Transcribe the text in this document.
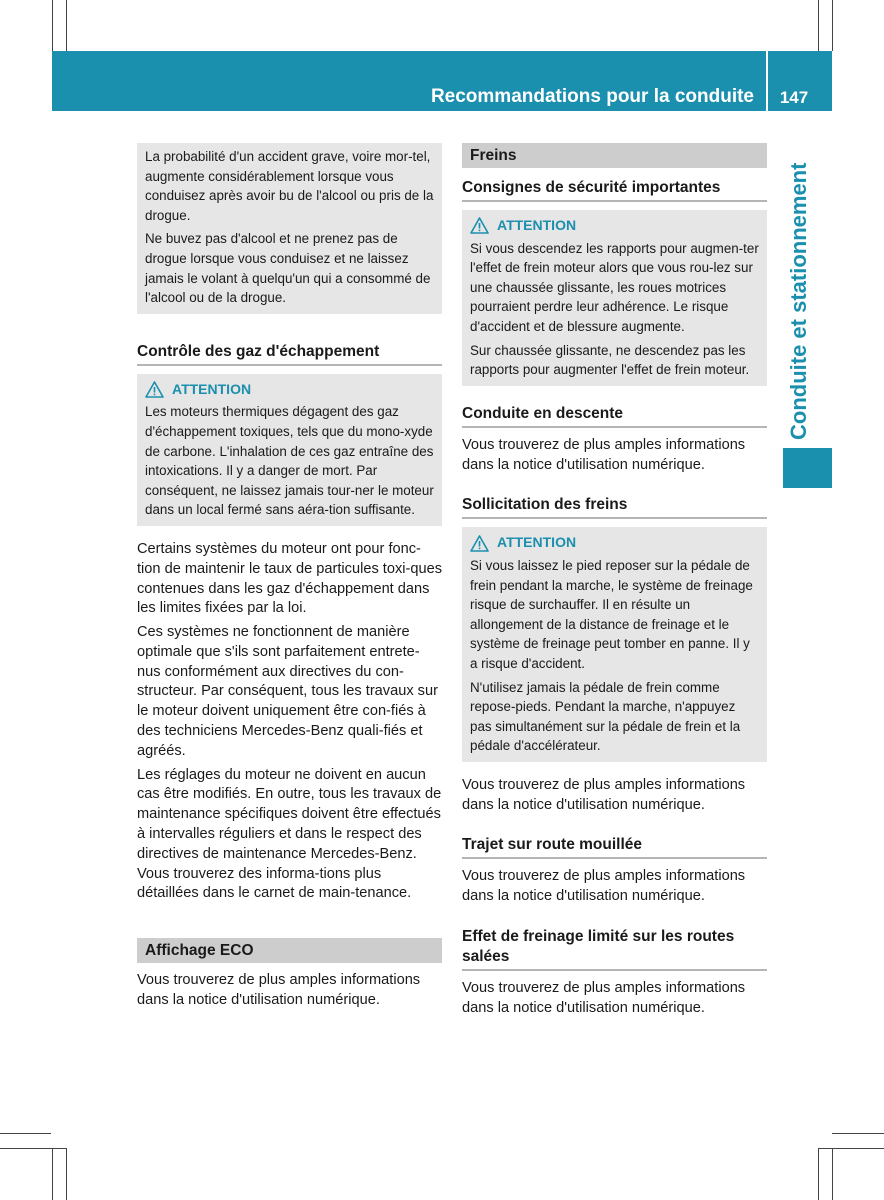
Recommandations pour la conduite	147
Conduite et stationnement

La probabilité d'un accident grave, voire mor-tel, augmente considérablement lorsque vous conduisez après avoir bu de l'alcool ou pris de la drogue.

Ne buvez pas d'alcool et ne prenez pas de drogue lorsque vous conduisez et ne laissez jamais le volant à quelqu'un qui a consommé de l'alcool ou de la drogue.

Contrôle des gaz d'échappement
ATTENTION

Les moteurs thermiques dégagent des gaz d'échappement toxiques, tels que du mono-xyde de carbone. L'inhalation de ces gaz entraîne des intoxications. Il y a danger de mort. Par conséquent, ne laissez jamais tour-ner le moteur dans un local fermé sans aéra-tion suffisante.

Certains systèmes du moteur ont pour fonc-tion de maintenir le taux de particules toxi-ques contenues dans les gaz d'échappement dans les limites fixées par la loi.

Ces systèmes ne fonctionnent de manière optimale que s'ils sont parfaitement entrete-nus conformément aux directives du con-structeur. Par conséquent, tous les travaux sur le moteur doivent uniquement être con-fiés à des techniciens Mercedes-Benz quali-fiés et agréés.

Les réglages du moteur ne doivent en aucun cas être modifiés. En outre, tous les travaux de maintenance spécifiques doivent être effectués à intervalles réguliers et dans le respect des directives de maintenance Mercedes-Benz. Vous trouverez des informa-tions plus détaillées dans le carnet de main-tenance.

Affichage ECO

Vous trouverez de plus amples informations dans la notice d'utilisation numérique.

Freins
Consignes de sécurité importantes
ATTENTION

Si vous descendez les rapports pour augmen-ter l'effet de frein moteur alors que vous rou-lez sur une chaussée glissante, les roues motrices pourraient perdre leur adhérence. Le risque d'accident et de blessure augmente.

Sur chaussée glissante, ne descendez pas les rapports pour augmenter l'effet de frein moteur.

Conduite en descente

Vous trouverez de plus amples informations dans la notice d'utilisation numérique.

Sollicitation des freins
ATTENTION

Si vous laissez le pied reposer sur la pédale de frein pendant la marche, le système de freinage risque de surchauffer. Il en résulte un allongement de la distance de freinage et le système de freinage peut tomber en panne. Il y a risque d'accident.

N'utilisez jamais la pédale de frein comme repose-pieds. Pendant la marche, n'appuyez pas simultanément sur la pédale de frein et la pédale d'accélérateur.

Vous trouverez de plus amples informations dans la notice d'utilisation numérique.

Trajet sur route mouillée

Vous trouverez de plus amples informations dans la notice d'utilisation numérique.

Effet de freinage limité sur les routes salées

Vous trouverez de plus amples informations dans la notice d'utilisation numérique.
